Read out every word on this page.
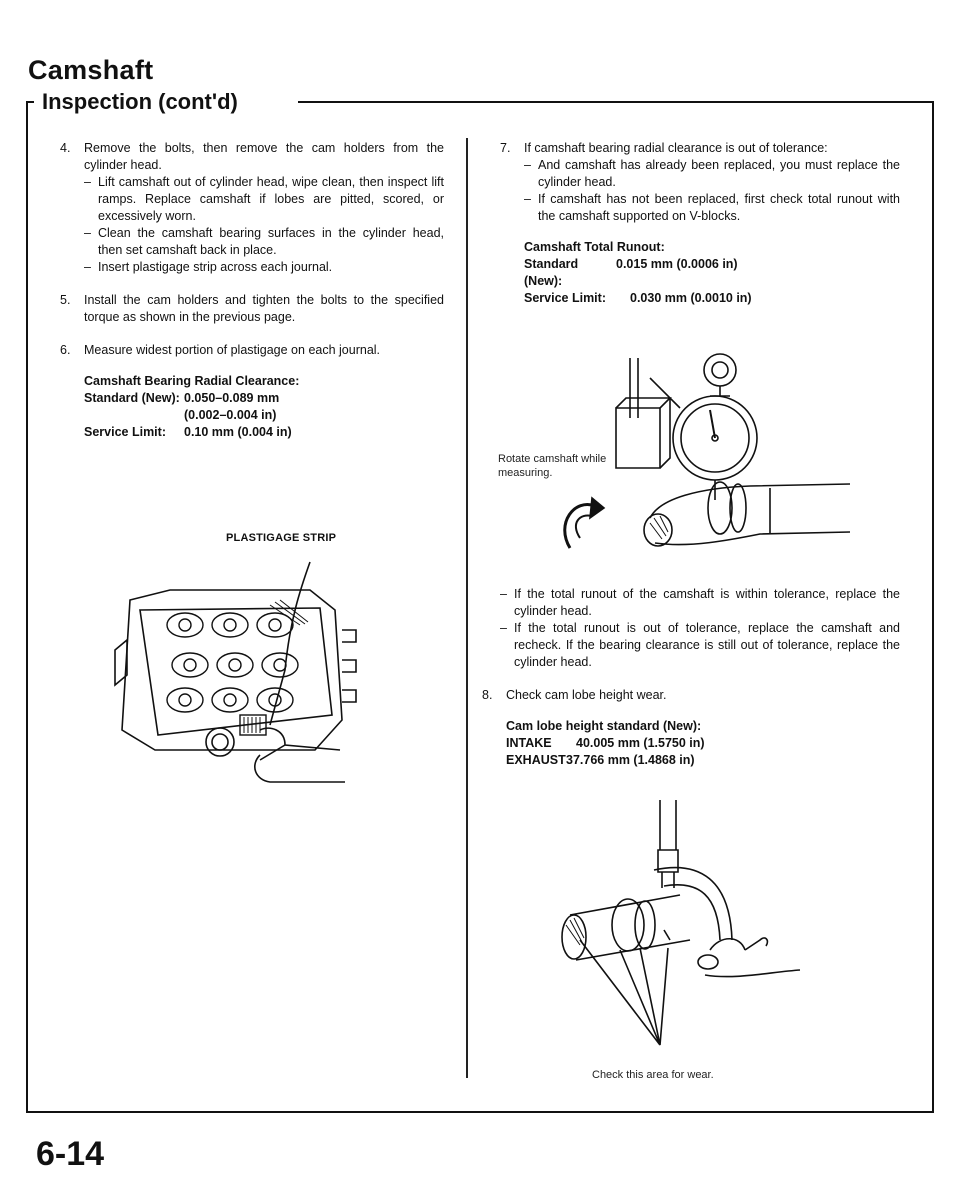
Camshaft
Inspection (cont'd)
4. Remove the bolts, then remove the cam holders from the cylinder head.
– Lift camshaft out of cylinder head, wipe clean, then inspect lift ramps. Replace camshaft if lobes are pitted, scored, or excessively worn.
– Clean the camshaft bearing surfaces in the cylinder head, then set camshaft back in place.
– Insert plastigage strip across each journal.
5. Install the cam holders and tighten the bolts to the specified torque as shown in the previous page.
6. Measure widest portion of plastigage on each journal.
Camshaft Bearing Radial Clearance:
Standard (New): 0.050–0.089 mm
(0.002–0.004 in)
Service Limit:	0.10 mm (0.004 in)
PLASTIGAGE STRIP
7. If camshaft bearing radial clearance is out of tolerance:
– And camshaft has already been replaced, you must replace the cylinder head.
– If camshaft has not been replaced, first check total runout with the camshaft supported on V-blocks.
Camshaft Total Runout:
Standard (New):
0.015 mm (0.0006 in)
Service Limit:	0.030 mm (0.0010 in)
Rotate camshaft while measuring.
– If the total runout of the camshaft is within tolerance, replace the cylinder head.
– If the total runout is out of tolerance, replace the camshaft and recheck. If the bearing clearance is still out of tolerance, replace the cylinder head.
8. Check cam lobe height wear.
Cam lobe height standard (New):
INTAKE	40.005 mm (1.5750 in)
EXHAUST 37.766 mm (1.4868 in)
Check this area for wear.
6-14
